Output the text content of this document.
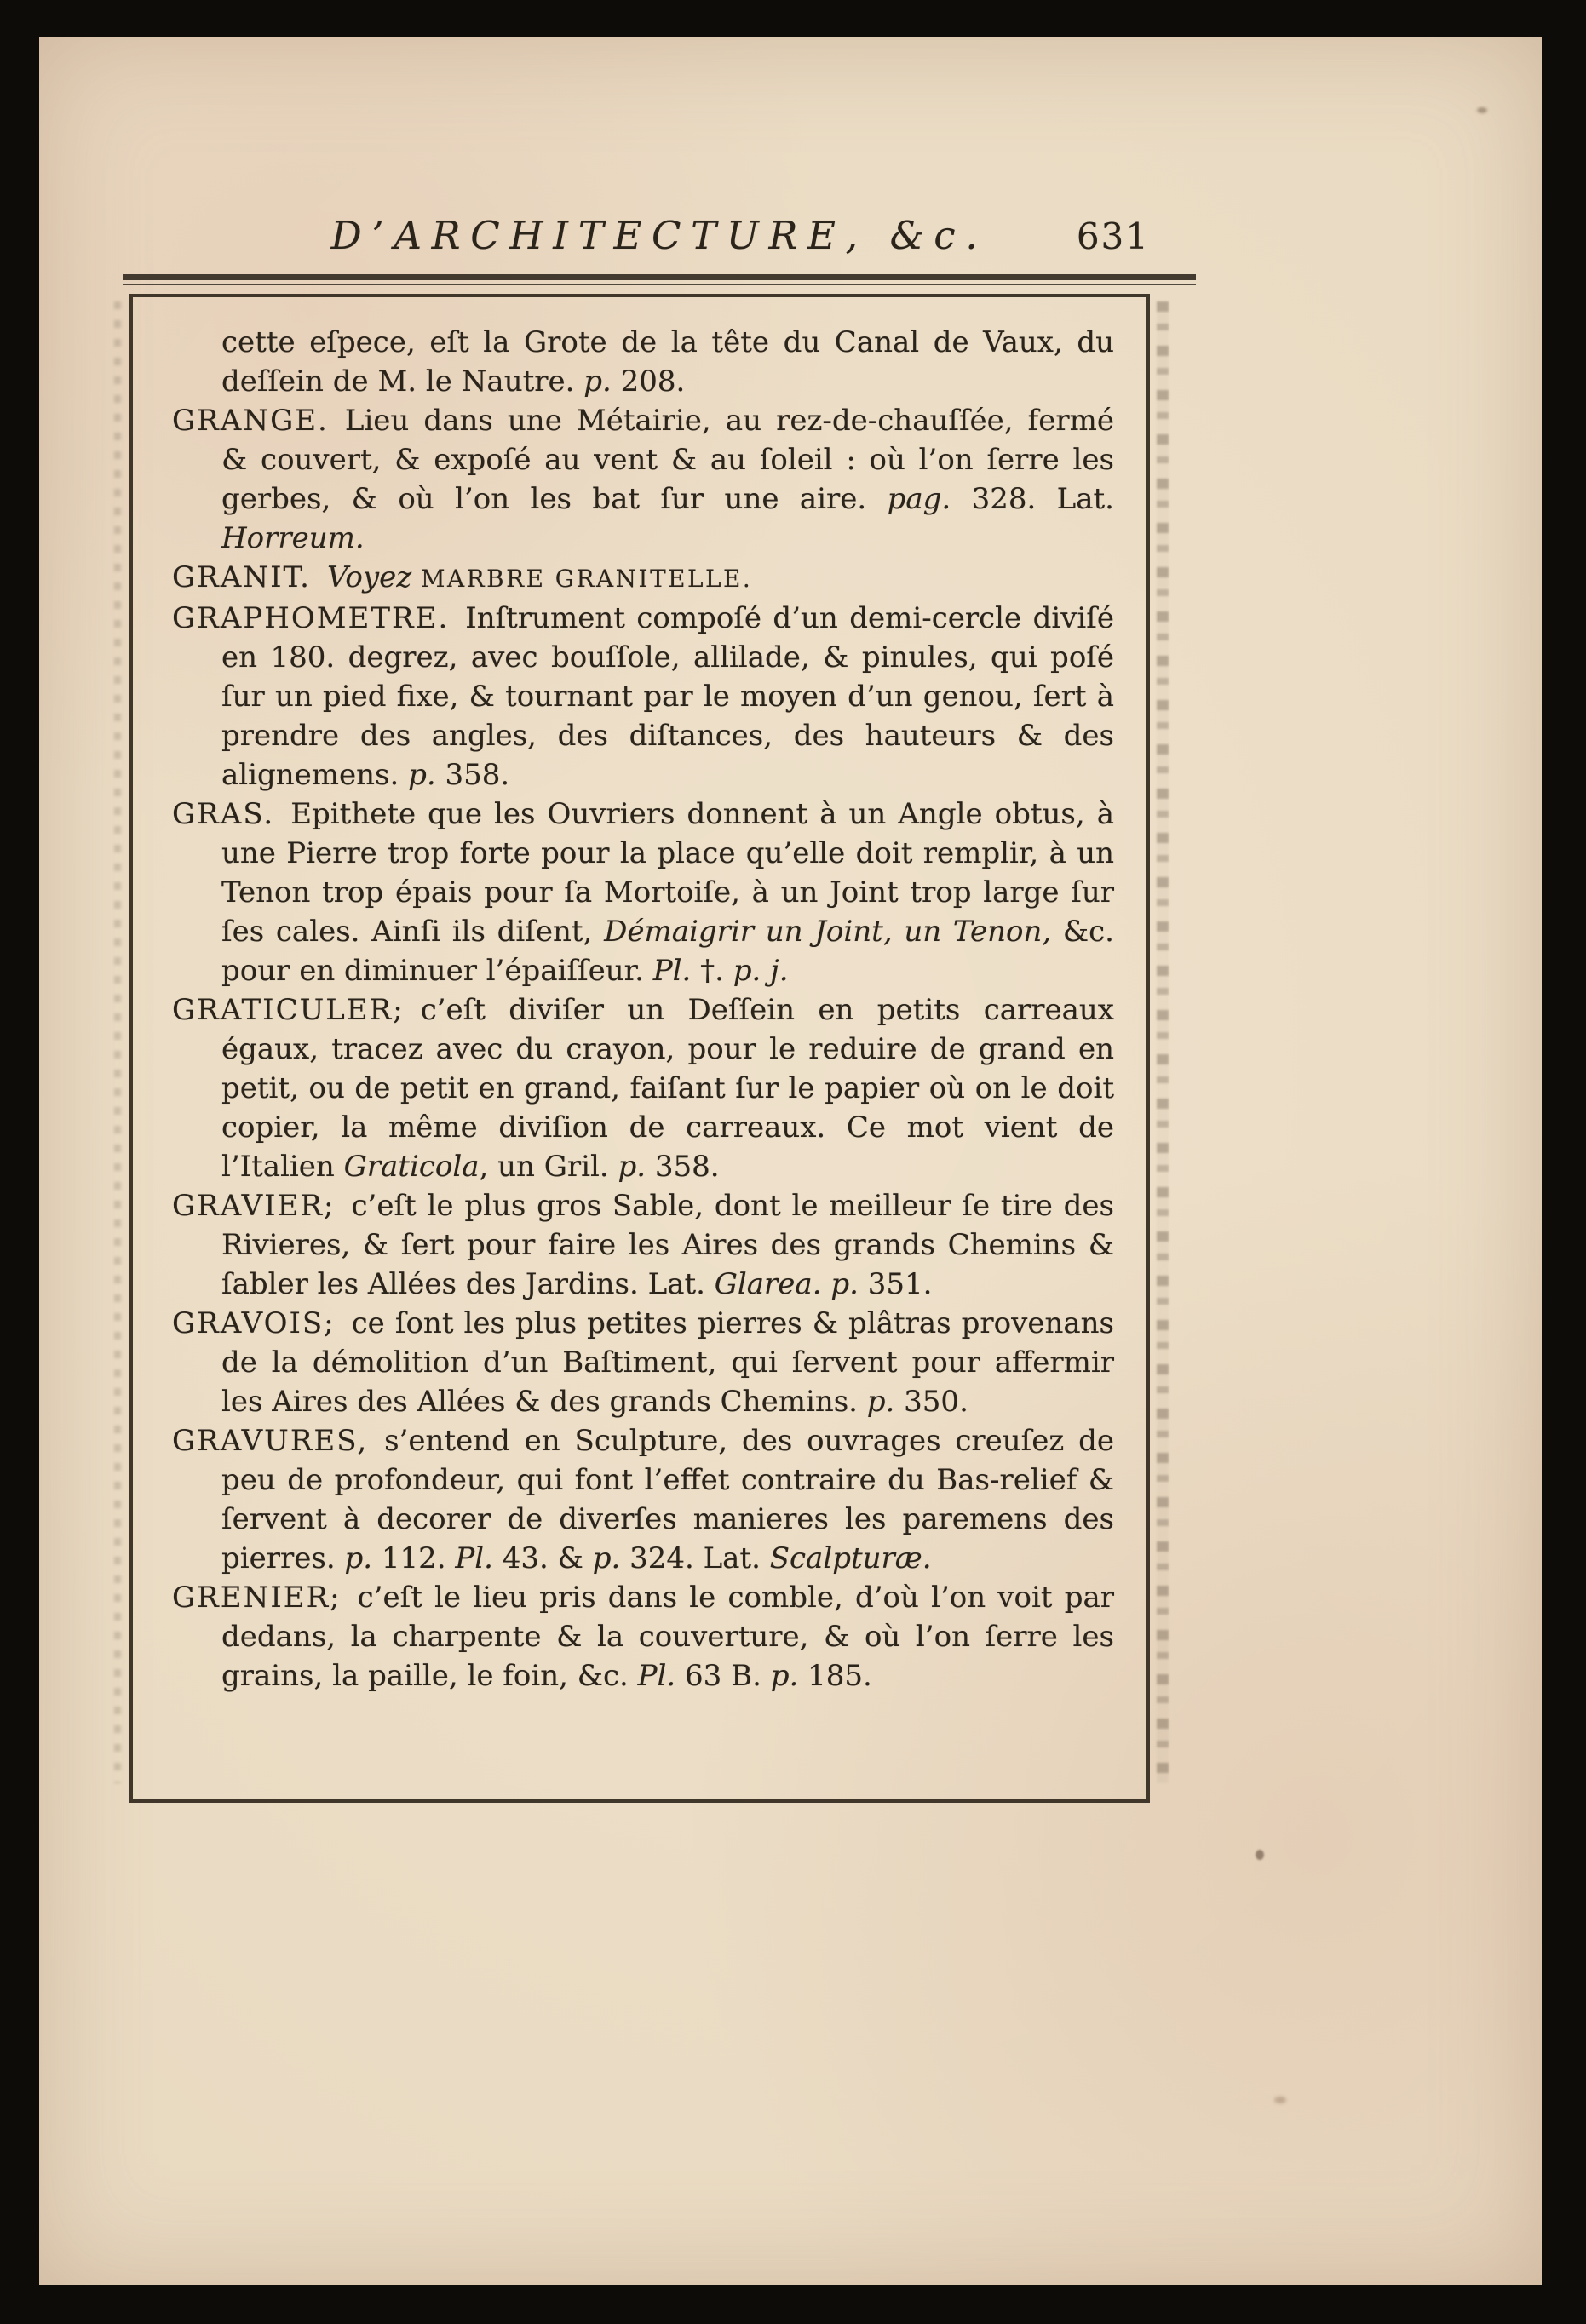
D’ARCHITECTURE, &c.	631

cette eſpece, eſt la Grote de la tête du Canal de Vaux, du deſſein de M. le Nautre. p. 208.

GRANGE. Lieu dans une Métairie, au rez-de-chauſſée, fermé & couvert, & expoſé au vent & au ſoleil : où l’on ſerre les gerbes, & où l’on les bat ſur une aire. pag. 328. Lat. Horreum.

GRANIT. Voyez MARBRE GRANITELLE.

GRAPHOMETRE. Inſtrument compoſé d’un demi-cercle diviſé en 180. degrez, avec bouſſole, allilade, & pinules, qui poſé ſur un pied fixe, & tournant par le moyen d’un genou, ſert à prendre des angles, des diſtances, des hauteurs & des alignemens. p. 358.

GRAS. Epithete que les Ouvriers donnent à un Angle obtus, à une Pierre trop forte pour la place qu’elle doit remplir, à un Tenon trop épais pour ſa Mortoiſe, à un Joint trop large ſur ſes cales. Ainſi ils diſent, Démaigrir un Joint, un Tenon, &c. pour en diminuer l’épaiſſeur. Pl. †. p. j.

GRATICULER; c’eſt diviſer un Deſſein en petits carreaux égaux, tracez avec du crayon, pour le reduire de grand en petit, ou de petit en grand, faiſant ſur le papier où on le doit copier, la même diviſion de carreaux. Ce mot vient de l’Italien Graticola, un Gril. p. 358.

GRAVIER; c’eſt le plus gros Sable, dont le meilleur ſe tire des Rivieres, & ſert pour faire les Aires des grands Chemins & ſabler les Allées des Jardins. Lat. Glarea. p. 351.

GRAVOIS; ce ſont les plus petites pierres & plâtras provenans de la démolition d’un Baſtiment, qui ſervent pour affermir les Aires des Allées & des grands Chemins. p. 350.

GRAVURES, s’entend en Sculpture, des ouvrages creuſez de peu de profondeur, qui font l’effet contraire du Bas-relief & ſervent à decorer de diverſes manieres les paremens des pierres. p. 112. Pl. 43. & p. 324. Lat. Scalpturæ.

GRENIER; c’eſt le lieu pris dans le comble, d’où l’on voit par dedans, la charpente & la couverture, & où l’on ſerre les grains, la paille, le foin, &c. Pl. 63 B. p. 185.
